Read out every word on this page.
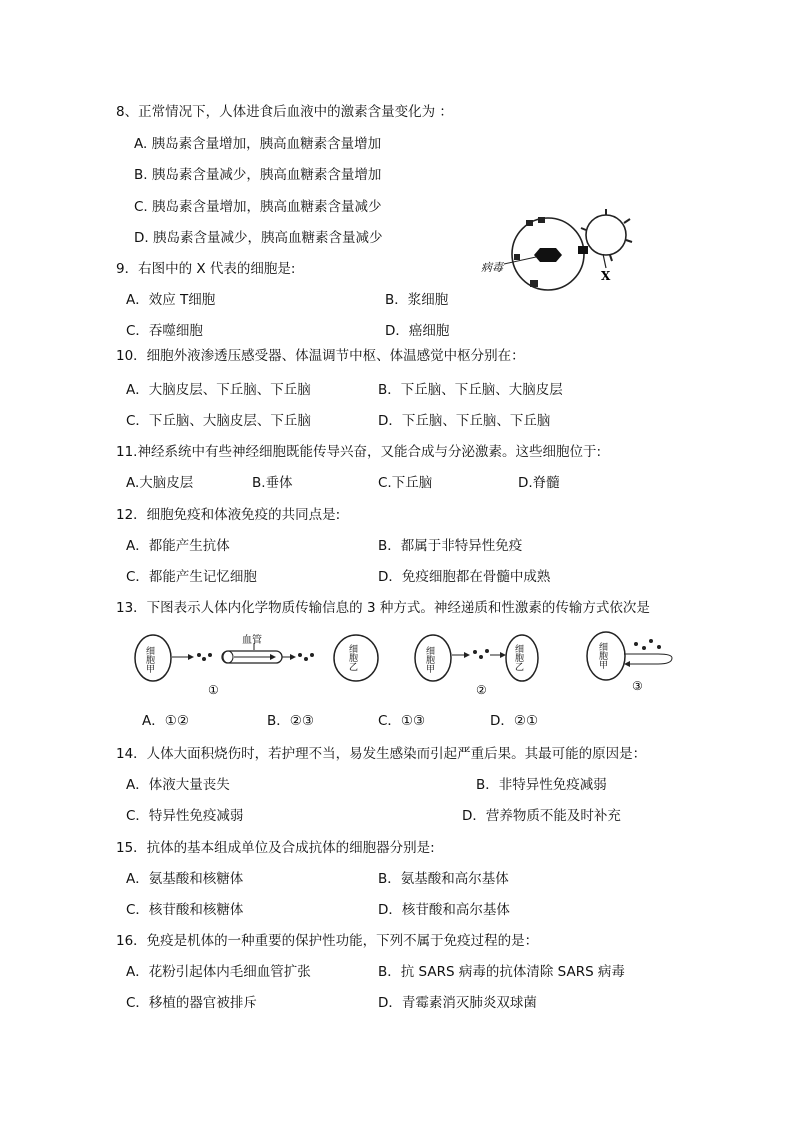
8、正常情况下，人体进食后血液中的激素含量变化为 ：
A. 胰岛素含量增加，胰高血糖素含量增加
B. 胰岛素含量减少，胰高血糖素含量增加
C. 胰岛素含量增加，胰高血糖素含量减少
D. 胰岛素含量减少，胰高血糖素含量减少
病毒
X
9．右图中的 X 代表的细胞是:
A．效应 T细胞	B．浆细胞
C．吞噬细胞	D．癌细胞
10．细胞外液渗透压感受器、体温调节中枢、体温感觉中枢分别在：
A．大脑皮层、下丘脑、下丘脑	B．下丘脑、下丘脑、大脑皮层
C．下丘脑、大脑皮层、下丘脑	D．下丘脑、下丘脑、下丘脑
11.神经系统中有些神经细胞既能传导兴奋，又能合成与分泌激素。这些细胞位于:
A.大脑皮层	B.垂体	C.下丘脑	D.脊髓
12．细胞免疫和体液免疫的共同点是:
A．都能产生抗体	B．都属于非特异性免疫
C．都能产生记忆细胞	D．免疫细胞都在骨髓中成熟
13．下图表示人体内化学物质传输信息的 3 种方式。神经递质和性激素的传输方式依次是
细胞甲
血管
细胞乙
①
细胞甲	细胞乙
②
细胞甲
③
A．①②	B．②③	C．①③	D．②①
14．人体大面积烧伤时，若护理不当，易发生感染而引起严重后果。其最可能的原因是：
A．体液大量丧失	B．非特异性免疫减弱
C．特异性免疫减弱	D．营养物质不能及时补充
15．抗体的基本组成单位及合成抗体的细胞器分别是:
A．氨基酸和核糖体	B．氨基酸和高尔基体
C．核苷酸和核糖体	D．核苷酸和高尔基体
16．免疫是机体的一种重要的保护性功能，下列不属于免疫过程的是：
A．花粉引起体内毛细血管扩张	B．抗 SARS 病毒的抗体清除 SARS 病毒
C．移植的器官被排斥	D．青霉素消灭肺炎双球菌
